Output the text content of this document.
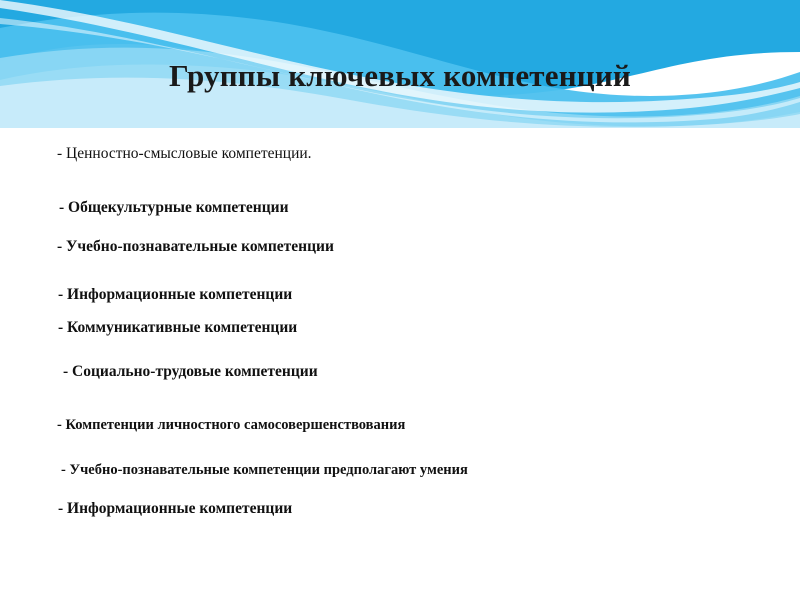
Группы ключевых компетенций
- Ценностно-смысловые компетенции.
- Общекультурные компетенции
- Учебно-познавательные компетенции
- Информационные компетенции
- Коммуникативные компетенции
- Социально-трудовые компетенции
- Компетенции личностного самосовершенствования
- Учебно-познавательные компетенции предполагают умения
- Информационные компетенции
